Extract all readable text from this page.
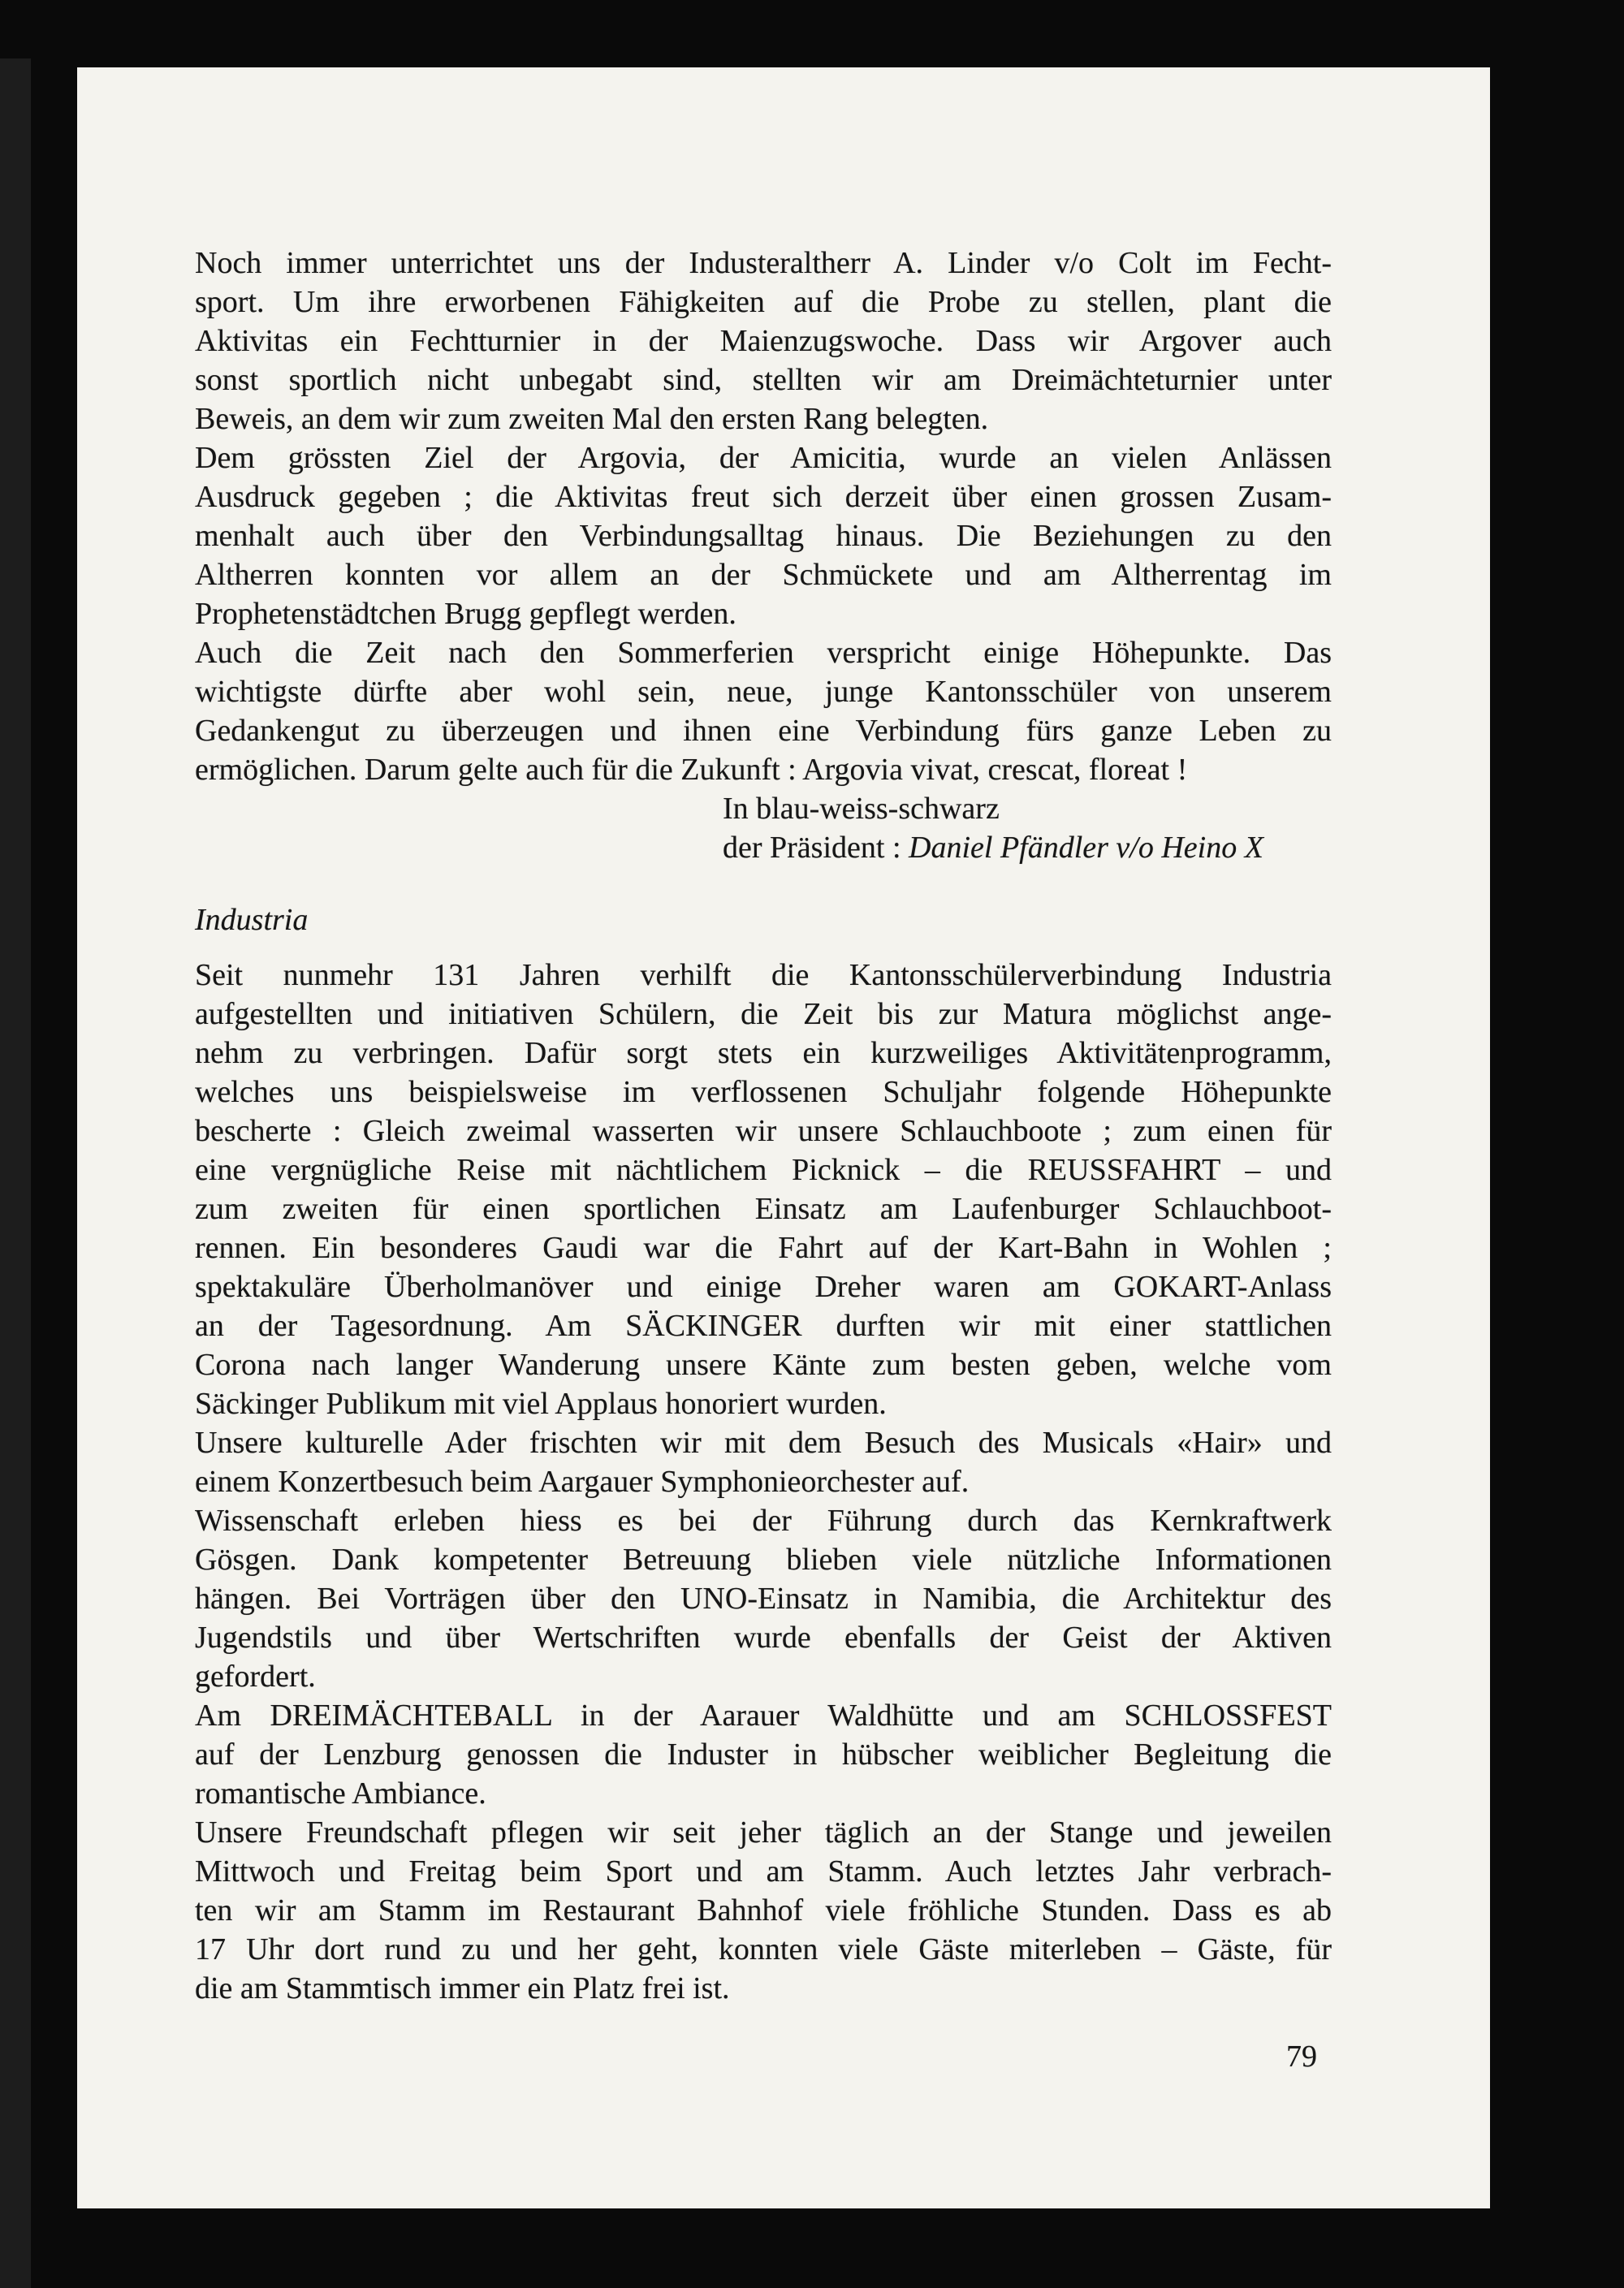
Noch immer unterrichtet uns der Industeraltherr A. Linder v/o Colt im Fecht-
sport. Um ihre erworbenen Fähigkeiten auf die Probe zu stellen, plant die
Aktivitas ein Fechtturnier in der Maienzugswoche. Dass wir Argover auch
sonst sportlich nicht unbegabt sind, stellten wir am Dreimächteturnier unter
Beweis, an dem wir zum zweiten Mal den ersten Rang belegten.
Dem grössten Ziel der Argovia, der Amicitia, wurde an vielen Anlässen
Ausdruck gegeben ; die Aktivitas freut sich derzeit über einen grossen Zusam-
menhalt auch über den Verbindungsalltag hinaus. Die Beziehungen zu den
Altherren konnten vor allem an der Schmückete und am Altherrentag im
Prophetenstädtchen Brugg gepflegt werden.
Auch die Zeit nach den Sommerferien verspricht einige Höhepunkte. Das
wichtigste dürfte aber wohl sein, neue, junge Kantonsschüler von unserem
Gedankengut zu überzeugen und ihnen eine Verbindung fürs ganze Leben zu
ermöglichen. Darum gelte auch für die Zukunft : Argovia vivat, crescat, floreat !
In blau-weiss-schwarz
der Präsident : Daniel Pfändler v/o Heino X
Industria
Seit nunmehr 131 Jahren verhilft die Kantonsschülerverbindung Industria
aufgestellten und initiativen Schülern, die Zeit bis zur Matura möglichst ange-
nehm zu verbringen. Dafür sorgt stets ein kurzweiliges Aktivitätenprogramm,
welches uns beispielsweise im verflossenen Schuljahr folgende Höhepunkte
bescherte : Gleich zweimal wasserten wir unsere Schlauchboote ; zum einen für
eine vergnügliche Reise mit nächtlichem Picknick – die REUSSFAHRT – und
zum zweiten für einen sportlichen Einsatz am Laufenburger Schlauchboot-
rennen. Ein besonderes Gaudi war die Fahrt auf der Kart-Bahn in Wohlen ;
spektakuläre Überholmanöver und einige Dreher waren am GOKART-Anlass
an der Tagesordnung. Am SÄCKINGER durften wir mit einer stattlichen
Corona nach langer Wanderung unsere Känte zum besten geben, welche vom
Säckinger Publikum mit viel Applaus honoriert wurden.
Unsere kulturelle Ader frischten wir mit dem Besuch des Musicals «Hair» und
einem Konzertbesuch beim Aargauer Symphonieorchester auf.
Wissenschaft erleben hiess es bei der Führung durch das Kernkraftwerk
Gösgen. Dank kompetenter Betreuung blieben viele nützliche Informationen
hängen. Bei Vorträgen über den UNO-Einsatz in Namibia, die Architektur des
Jugendstils und über Wertschriften wurde ebenfalls der Geist der Aktiven
gefordert.
Am DREIMÄCHTEBALL in der Aarauer Waldhütte und am SCHLOSSFEST
auf der Lenzburg genossen die Induster in hübscher weiblicher Begleitung die
romantische Ambiance.
Unsere Freundschaft pflegen wir seit jeher täglich an der Stange und jeweilen
Mittwoch und Freitag beim Sport und am Stamm. Auch letztes Jahr verbrach-
ten wir am Stamm im Restaurant Bahnhof viele fröhliche Stunden. Dass es ab
17 Uhr dort rund zu und her geht, konnten viele Gäste miterleben – Gäste, für
die am Stammtisch immer ein Platz frei ist.
79
